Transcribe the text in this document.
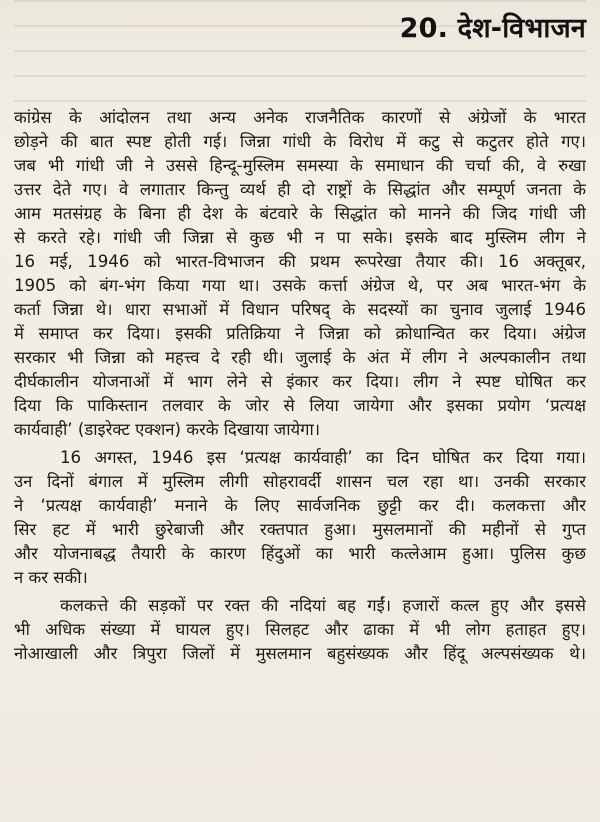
20. देश-विभाजन
कांग्रेस के आंदोलन तथा अन्य अनेक राजनैतिक कारणों से अंग्रेजों के भारत
छोड़ने की बात स्पष्ट होती गई। जिन्ना गांधी के विरोध में कटु से कटुतर होते गए।
जब भी गांधी जी ने उससे हिन्दू-मुस्लिम समस्या के समाधान की चर्चा की, वे रुखा
उत्तर देते गए। वे लगातार किन्तु व्यर्थ ही दो राष्ट्रों के सिद्धांत और सम्पूर्ण जनता के
आम मतसंग्रह के बिना ही देश के बंटवारे के सिद्धांत को मानने की जिद गांधी जी
से करते रहे। गांधी जी जिन्ना से कुछ भी न पा सके। इसके बाद मुस्लिम लीग ने
16 मई, 1946 को भारत-विभाजन की प्रथम रूपरेखा तैयार की। 16 अक्तूबर,
1905 को बंग-भंग किया गया था। उसके कर्त्ता अंग्रेज थे, पर अब भारत-भंग के
कर्ता जिन्ना थे। धारा सभाओं में विधान परिषद् के सदस्यों का चुनाव जुलाई 1946
में समाप्त कर दिया। इसकी प्रतिक्रिया ने जिन्ना को क्रोधान्वित कर दिया। अंग्रेज
सरकार भी जिन्ना को महत्त्व दे रही थी। जुलाई के अंत में लीग ने अल्पकालीन तथा
दीर्घकालीन योजनाओं में भाग लेने से इंकार कर दिया। लीग ने स्पष्ट घोषित कर
दिया कि पाकिस्तान तलवार के जोर से लिया जायेगा और इसका प्रयोग ‘प्रत्यक्ष
कार्यवाही’ (डाइरेक्ट एक्शन) करके दिखाया जायेगा।
16 अगस्त, 1946 इस ‘प्रत्यक्ष कार्यवाही’ का दिन घोषित कर दिया गया।
उन दिनों बंगाल में मुस्लिम लीगी सोहरावर्दी शासन चल रहा था। उनकी सरकार
ने ‘प्रत्यक्ष कार्यवाही’ मनाने के लिए सार्वजनिक छुट्टी कर दी। कलकत्ता और
सिर हट में भारी छुरेबाजी और रक्तपात हुआ। मुसलमानों की महीनों से गुप्त
और योजनाबद्ध तैयारी के कारण हिंदुओं का भारी कत्लेआम हुआ। पुलिस कुछ
न कर सकी।
कलकत्ते की सड़कों पर रक्त की नदियां बह गईं। हजारों कत्ल हुए और इससे
भी अधिक संख्या में घायल हुए। सिलहट और ढाका में भी लोग हताहत हुए।
नोआखाली और त्रिपुरा जिलों में मुसलमान बहुसंख्यक और हिंदू अल्पसंख्यक थे।
